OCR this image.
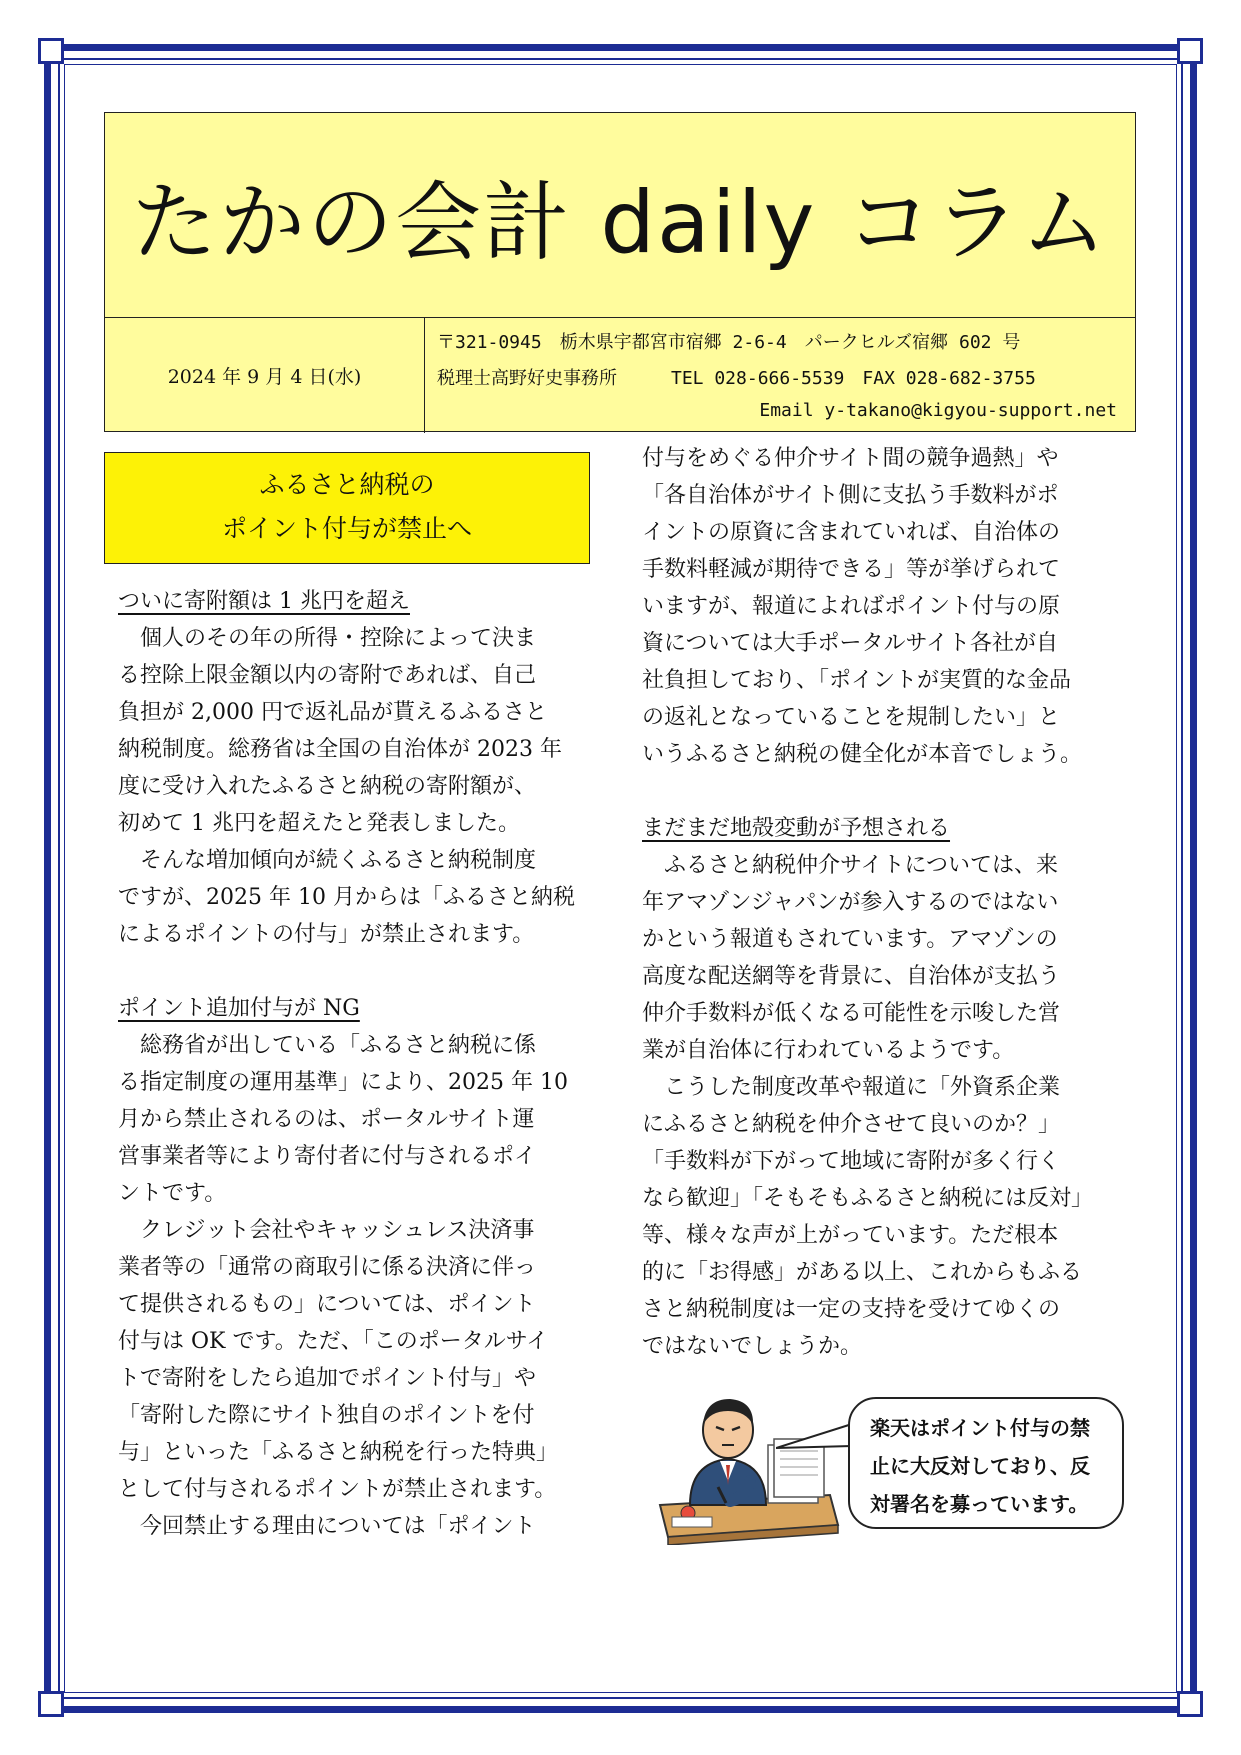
たかの会計 daily コラム
2024 年 9 月 4 日(水)
〒321-0945　栃木県宇都宮市宿郷 2-6-4　パークヒルズ宿郷 602 号
税理士高野好史事務所　　　TEL 028-666-5539　FAX 028-682-3755
Email y-takano@kigyou-support.net
ふるさと納税の
ポイント付与が禁止へ
ついに寄附額は 1 兆円を超え
　個人のその年の所得・控除によって決ま
る控除上限金額以内の寄附であれば、自己
負担が 2,000 円で返礼品が貰えるふるさと
納税制度。総務省は全国の自治体が 2023 年
度に受け入れたふるさと納税の寄附額が、
初めて 1 兆円を超えたと発表しました。
　そんな増加傾向が続くふるさと納税制度
ですが、2025 年 10 月からは「ふるさと納税
によるポイントの付与」が禁止されます。
ポイント追加付与が NG
　総務省が出している「ふるさと納税に係
る指定制度の運用基準」により、2025 年 10
月から禁止されるのは、ポータルサイト運
営事業者等により寄付者に付与されるポイ
ントです。
　クレジット会社やキャッシュレス決済事
業者等の「通常の商取引に係る決済に伴っ
て提供されるもの」については、ポイント
付与は OK です。ただ、「このポータルサイ
トで寄附をしたら追加でポイント付与」や
「寄附した際にサイト独自のポイントを付
与」といった「ふるさと納税を行った特典」
として付与されるポイントが禁止されます。
　今回禁止する理由については「ポイント
付与をめぐる仲介サイト間の競争過熱」や
「各自治体がサイト側に支払う手数料がポ
イントの原資に含まれていれば、自治体の
手数料軽減が期待できる」等が挙げられて
いますが、報道によればポイント付与の原
資については大手ポータルサイト各社が自
社負担しており、「ポイントが実質的な金品
の返礼となっていることを規制したい」と
いうふるさと納税の健全化が本音でしょう。
まだまだ地殻変動が予想される
　ふるさと納税仲介サイトについては、来
年アマゾンジャパンが参入するのではない
かという報道もされています。アマゾンの
高度な配送網等を背景に、自治体が支払う
仲介手数料が低くなる可能性を示唆した営
業が自治体に行われているようです。
　こうした制度改革や報道に「外資系企業
にふるさと納税を仲介させて良いのか？」
「手数料が下がって地域に寄附が多く行く
なら歓迎」「そもそもふるさと納税には反対」
等、様々な声が上がっています。ただ根本
的に「お得感」がある以上、これからもふる
さと納税制度は一定の支持を受けてゆくの
ではないでしょうか。
楽天はポイント付与の禁
止に大反対しており、反
対署名を募っています。
